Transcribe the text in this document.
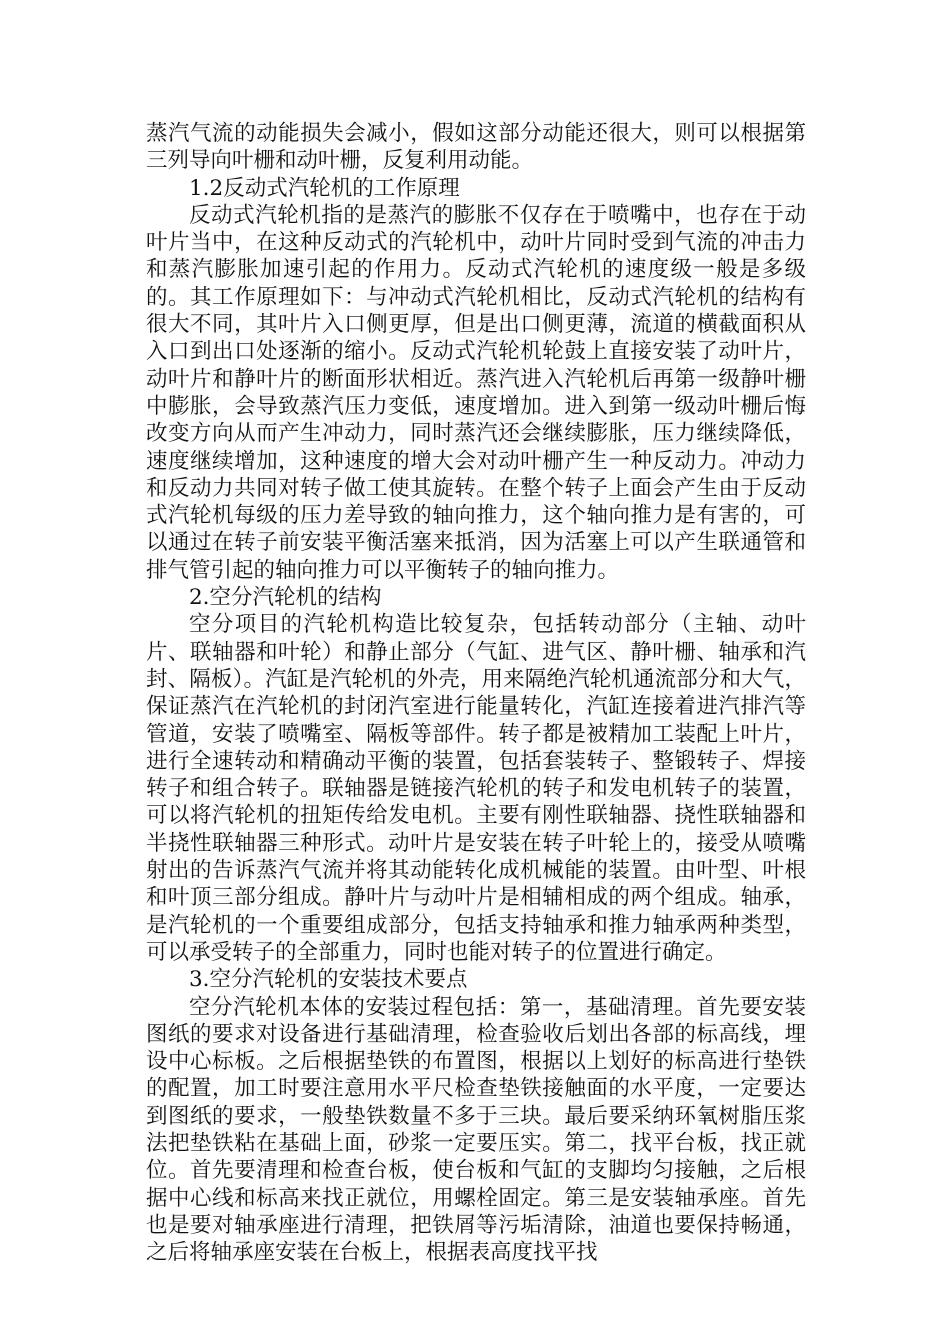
蒸汽气流的动能损失会减小，假如这部分动能还很大，则可以根据第三列导向叶栅和动叶栅，反复利用动能。

1.2反动式汽轮机的工作原理

反动式汽轮机指的是蒸汽的膨胀不仅存在于喷嘴中，也存在于动叶片当中，在这种反动式的汽轮机中，动叶片同时受到气流的冲击力和蒸汽膨胀加速引起的作用力。反动式汽轮机的速度级一般是多级的。其工作原理如下：与冲动式汽轮机相比，反动式汽轮机的结构有很大不同，其叶片入口侧更厚，但是出口侧更薄，流道的横截面积从入口到出口处逐渐的缩小。反动式汽轮机轮鼓上直接安装了动叶片，动叶片和静叶片的断面形状相近。蒸汽进入汽轮机后再第一级静叶栅中膨胀，会导致蒸汽压力变低，速度增加。进入到第一级动叶栅后悔改变方向从而产生冲动力，同时蒸汽还会继续膨胀，压力继续降低，速度继续增加，这种速度的增大会对动叶栅产生一种反动力。冲动力和反动力共同对转子做工使其旋转。在整个转子上面会产生由于反动式汽轮机每级的压力差导致的轴向推力，这个轴向推力是有害的，可以通过在转子前安装平衡活塞来抵消，因为活塞上可以产生联通管和排气管引起的轴向推力可以平衡转子的轴向推力。

2.空分汽轮机的结构

空分项目的汽轮机构造比较复杂，包括转动部分（主轴、动叶片、联轴器和叶轮）和静止部分（气缸、进气区、静叶栅、轴承和汽封、隔板）。汽缸是汽轮机的外壳，用来隔绝汽轮机通流部分和大气，保证蒸汽在汽轮机的封闭汽室进行能量转化，汽缸连接着进汽排汽等管道，安装了喷嘴室、隔板等部件。转子都是被精加工装配上叶片，进行全速转动和精确动平衡的装置，包括套装转子、整锻转子、焊接转子和组合转子。联轴器是链接汽轮机的转子和发电机转子的装置，可以将汽轮机的扭矩传给发电机。主要有刚性联轴器、挠性联轴器和半挠性联轴器三种形式。动叶片是安装在转子叶轮上的，接受从喷嘴射出的告诉蒸汽气流并将其动能转化成机械能的装置。由叶型、叶根和叶顶三部分组成。静叶片与动叶片是相辅相成的两个组成。轴承，是汽轮机的一个重要组成部分，包括支持轴承和推力轴承两种类型，可以承受转子的全部重力，同时也能对转子的位置进行确定。

3.空分汽轮机的安装技术要点

空分汽轮机本体的安装过程包括：第一，基础清理。首先要安装图纸的要求对设备进行基础清理，检查验收后划出各部的标高线，埋设中心标板。之后根据垫铁的布置图，根据以上划好的标高进行垫铁的配置，加工时要注意用水平尺检查垫铁接触面的水平度，一定要达到图纸的要求，一般垫铁数量不多于三块。最后要采纳环氧树脂压浆法把垫铁粘在基础上面，砂浆一定要压实。第二，找平台板，找正就位。首先要清理和检查台板，使台板和气缸的支脚均匀接触，之后根据中心线和标高来找正就位，用螺栓固定。第三是安装轴承座。首先也是要对轴承座进行清理，把铁屑等污垢清除，油道也要保持畅通，之后将轴承座安装在台板上，根据表高度找平找
